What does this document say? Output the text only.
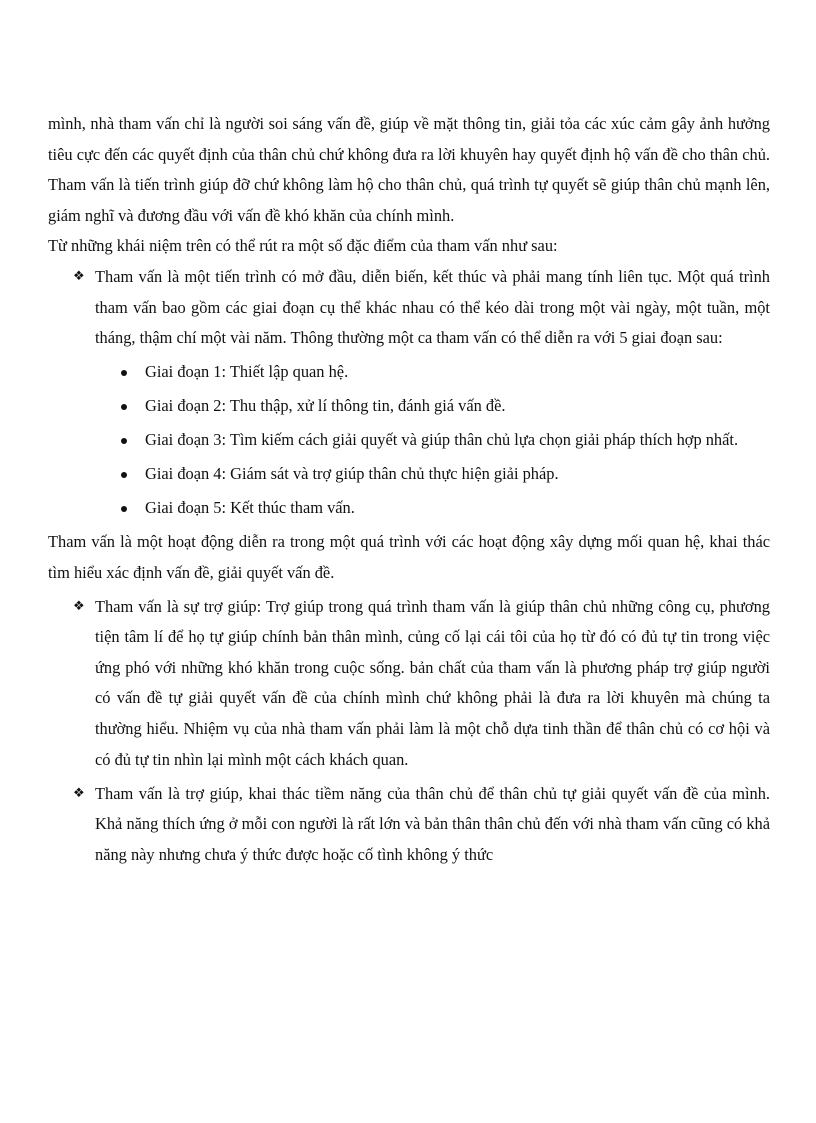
mình, nhà tham vấn chỉ là người soi sáng vấn đề, giúp về mặt thông tin, giải tỏa các xúc cảm gây ảnh hưởng tiêu cực đến các quyết định của thân chủ chứ không đưa ra lời khuyên hay quyết định hộ vấn đề cho thân chủ. Tham vấn là tiến trình giúp đỡ chứ không làm hộ cho thân chủ, quá trình tự quyết sẽ giúp thân chủ mạnh lên, giám nghĩ và đương đầu với vấn đề khó khăn của chính mình.

Từ những khái niệm trên có thể rút ra một số đặc điểm của tham vấn như sau:

❖ Tham vấn là một tiến trình có mở đầu, diễn biến, kết thúc và phải mang tính liên tục. Một quá trình tham vấn bao gồm các giai đoạn cụ thể khác nhau có thể kéo dài trong một vài ngày, một tuần, một tháng, thậm chí một vài năm. Thông thường một ca tham vấn có thể diễn ra với 5 giai đoạn sau:
Giai đoạn 1: Thiết lập quan hệ.
Giai đoạn 2: Thu thập, xử lí thông tin, đánh giá vấn đề.
Giai đoạn 3: Tìm kiếm cách giải quyết và giúp thân chủ lựa chọn giải pháp thích hợp nhất.
Giai đoạn 4: Giám sát và trợ giúp thân chủ thực hiện giải pháp.
Giai đoạn 5: Kết thúc tham vấn.

Tham vấn là một hoạt động diễn ra trong một quá trình với các hoạt động xây dựng mối quan hệ, khai thác tìm hiểu xác định vấn đề, giải quyết vấn đề.

❖ Tham vấn là sự trợ giúp: Trợ giúp trong quá trình tham vấn là giúp thân chủ những công cụ, phương tiện tâm lí để họ tự giúp chính bản thân mình, củng cố lại cái tôi của họ từ đó có đủ tự tin trong việc ứng phó với những khó khăn trong cuộc sống. bản chất của tham vấn là phương pháp trợ giúp người có vấn đề tự giải quyết vấn đề của chính mình chứ không phải là đưa ra lời khuyên mà chúng ta thường hiểu. Nhiệm vụ của nhà tham vấn phải làm là một chỗ dựa tinh thần để thân chủ có cơ hội và có đủ tự tin nhìn lại mình một cách khách quan.
❖ Tham vấn là trợ giúp, khai thác tiềm năng của thân chủ để thân chủ tự giải quyết vấn đề của mình. Khả năng thích ứng ở mỗi con người là rất lớn và bản thân thân chủ đến với nhà tham vấn cũng có khả năng này nhưng chưa ý thức được hoặc cố tình không ý thức
